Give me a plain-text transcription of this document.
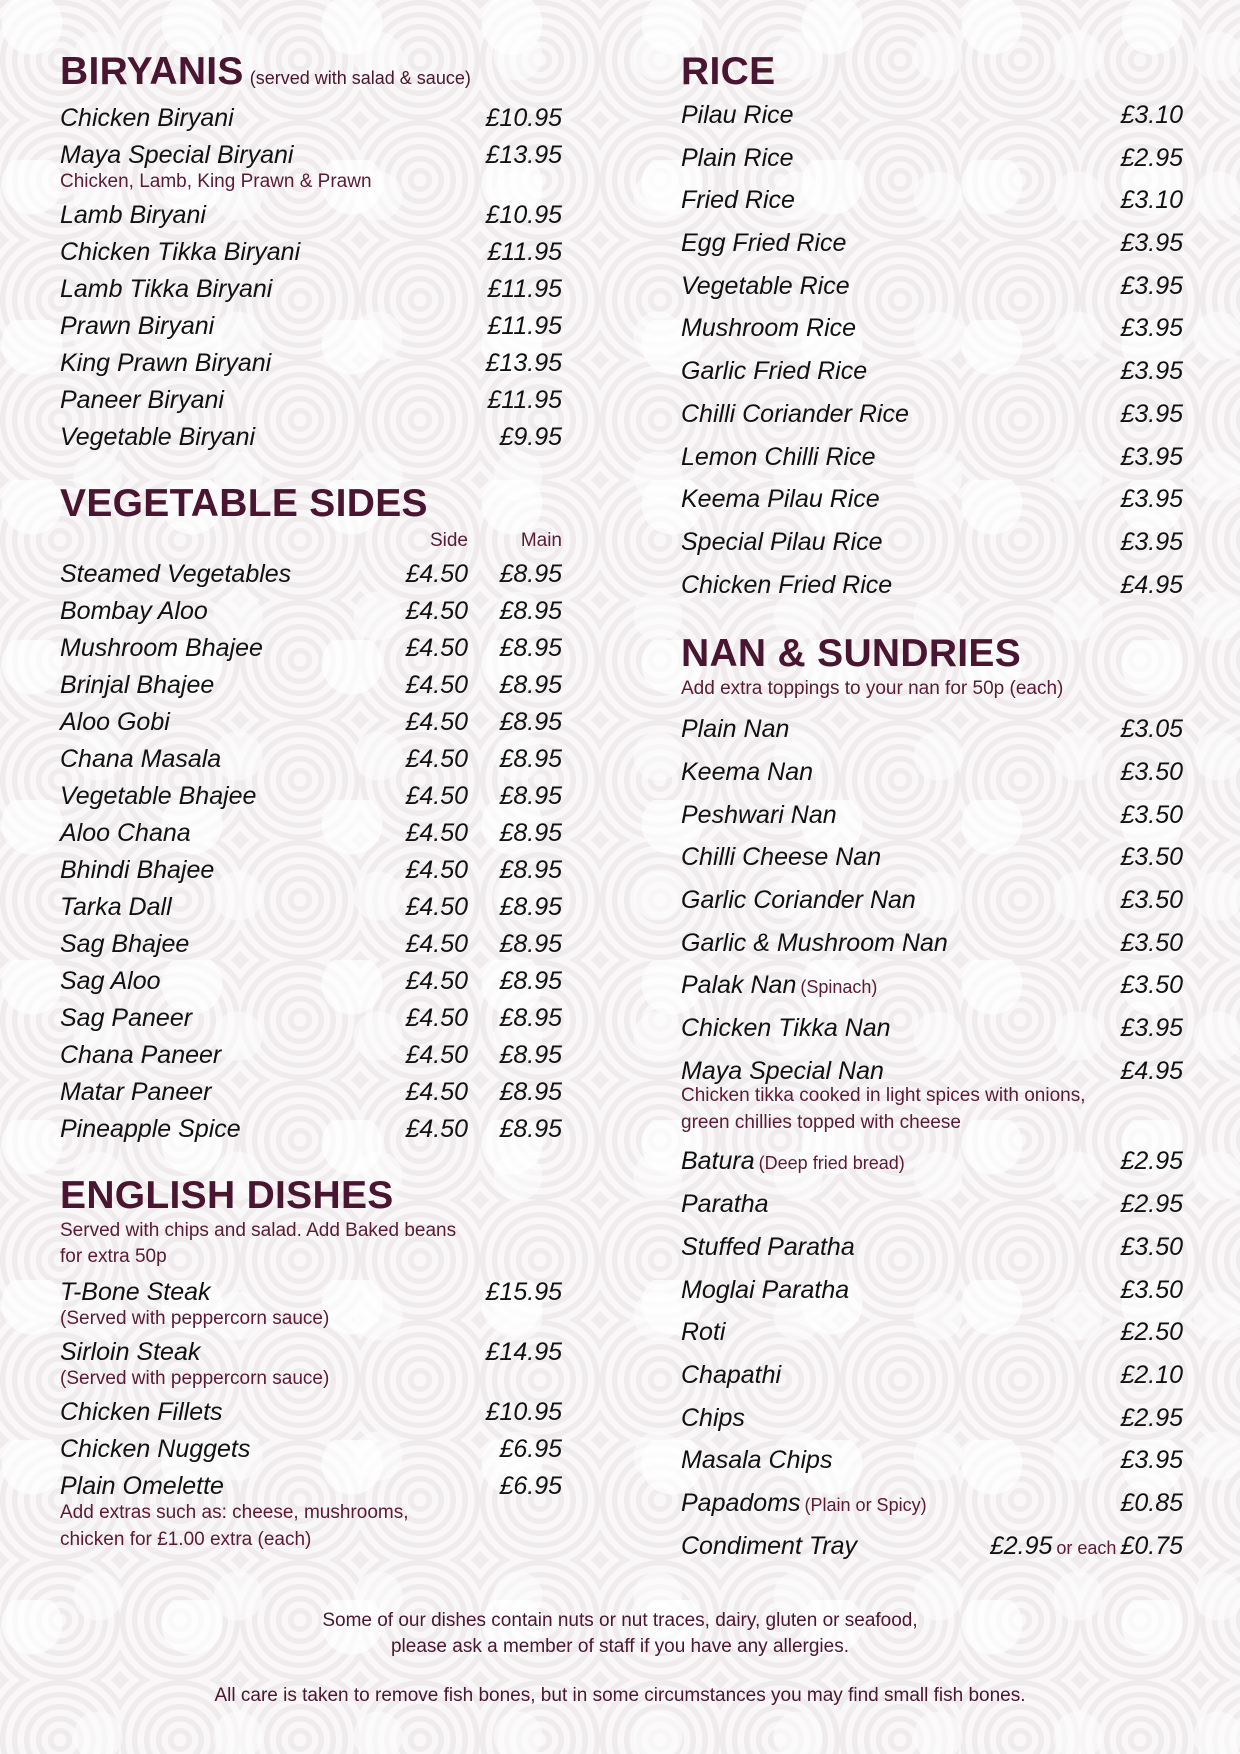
BIRYANIS (served with salad & sauce)
Chicken Biryani	£10.95
Maya Special Biryani	£13.95
Chicken, Lamb, King Prawn & Prawn
Lamb Biryani	£10.95
Chicken Tikka Biryani	£11.95
Lamb Tikka Biryani	£11.95
Prawn Biryani	£11.95
King Prawn Biryani	£13.95
Paneer Biryani	£11.95
Vegetable Biryani	£9.95
VEGETABLE SIDES
Side	Main
Steamed Vegetables	£4.50	£8.95
Bombay Aloo	£4.50	£8.95
Mushroom Bhajee	£4.50	£8.95
Brinjal Bhajee	£4.50	£8.95
Aloo Gobi	£4.50	£8.95
Chana Masala	£4.50	£8.95
Vegetable Bhajee	£4.50	£8.95
Aloo Chana	£4.50	£8.95
Bhindi Bhajee	£4.50	£8.95
Tarka Dall	£4.50	£8.95
Sag Bhajee	£4.50	£8.95
Sag Aloo	£4.50	£8.95
Sag Paneer	£4.50	£8.95
Chana Paneer	£4.50	£8.95
Matar Paneer	£4.50	£8.95
Pineapple Spice	£4.50	£8.95
ENGLISH DISHES
Served with chips and salad. Add Baked beans
for extra 50p
T-Bone Steak	£15.95
(Served with peppercorn sauce)
Sirloin Steak	£14.95
(Served with peppercorn sauce)
Chicken Fillets	£10.95
Chicken Nuggets	£6.95
Plain Omelette	£6.95
Add extras such as: cheese, mushrooms,
chicken for £1.00 extra (each)
RICE
Pilau Rice	£3.10
Plain Rice	£2.95
Fried Rice	£3.10
Egg Fried Rice	£3.95
Vegetable Rice	£3.95
Mushroom Rice	£3.95
Garlic Fried Rice	£3.95
Chilli Coriander Rice	£3.95
Lemon Chilli Rice	£3.95
Keema Pilau Rice	£3.95
Special Pilau Rice	£3.95
Chicken Fried Rice	£4.95
NAN & SUNDRIES
Add extra toppings to your nan for 50p (each)
Plain Nan	£3.05
Keema Nan	£3.50
Peshwari Nan	£3.50
Chilli Cheese Nan	£3.50
Garlic Coriander Nan	£3.50
Garlic & Mushroom Nan	£3.50
Palak Nan (Spinach)	£3.50
Chicken Tikka Nan	£3.95
Maya Special Nan	£4.95
Chicken tikka cooked in light spices with onions,
green chillies topped with cheese
Batura (Deep fried bread)	£2.95
Paratha	£2.95
Stuffed Paratha	£3.50
Moglai Paratha	£3.50
Roti	£2.50
Chapathi	£2.10
Chips	£2.95
Masala Chips	£3.95
Papadoms (Plain or Spicy)	£0.85
Condiment Tray	£2.95 or each £0.75
Some of our dishes contain nuts or nut traces, dairy, gluten or seafood,
please ask a member of staff if you have any allergies.
All care is taken to remove fish bones, but in some circumstances you may find small fish bones.
